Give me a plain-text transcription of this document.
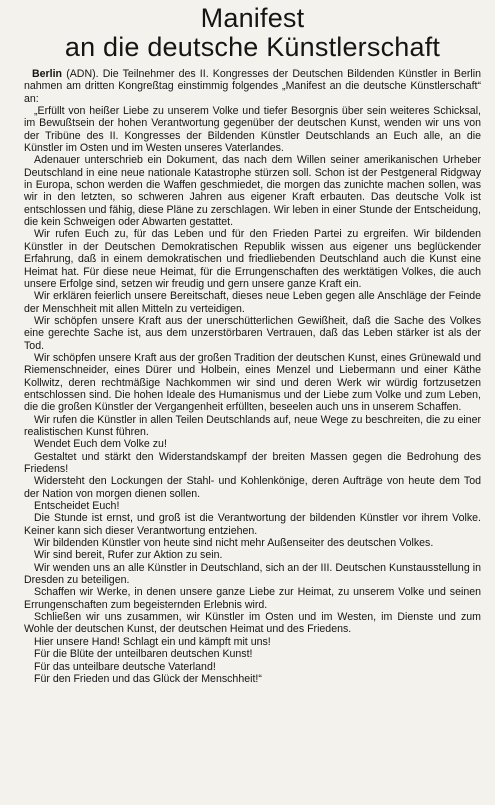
Manifest
an die deutsche Künstlerschaft

Berlin (ADN). Die Teilnehmer des II. Kongresses der Deutschen Bildenden Künstler in Berlin nahmen am dritten Kongreßtag einstimmig folgendes „Manifest an die deutsche Künstlerschaft“ an:

„Erfüllt von heißer Liebe zu unserem Volke und tiefer Besorgnis über sein weiteres Schicksal, im Bewußtsein der hohen Verantwortung gegenüber der deutschen Kunst, wenden wir uns von der Tribüne des II. Kongresses der Bildenden Künstler Deutschlands an Euch alle, an die Künstler im Osten und im Westen unseres Vaterlandes.

Adenauer unterschrieb ein Dokument, das nach dem Willen seiner amerikanischen Urheber Deutschland in eine neue nationale Katastrophe stürzen soll. Schon ist der Pestgeneral Ridgway in Europa, schon werden die Waffen geschmiedet, die morgen das zunichte machen sollen, was wir in den letzten, so schweren Jahren aus eigener Kraft erbauten. Das deutsche Volk ist entschlossen und fähig, diese Pläne zu zerschlagen. Wir leben in einer Stunde der Entscheidung, die kein Schweigen oder Abwarten gestattet.

Wir rufen Euch zu, für das Leben und für den Frieden Partei zu ergreifen. Wir bildenden Künstler in der Deutschen Demokratischen Republik wissen aus eigener uns beglückender Erfahrung, daß in einem demokratischen und friedliebenden Deutschland auch die Kunst eine Heimat hat. Für diese neue Heimat, für die Errungenschaften des werktätigen Volkes, die auch unsere Erfolge sind, setzen wir freudig und gern unsere ganze Kraft ein.

Wir erklären feierlich unsere Bereitschaft, dieses neue Leben gegen alle Anschläge der Feinde der Menschheit mit allen Mitteln zu verteidigen.

Wir schöpfen unsere Kraft aus der unerschütterlichen Gewißheit, daß die Sache des Volkes eine gerechte Sache ist, aus dem unzerstörbaren Vertrauen, daß das Leben stärker ist als der Tod.

Wir schöpfen unsere Kraft aus der großen Tradition der deutschen Kunst, eines Grünewald und Riemenschneider, eines Dürer und Holbein, eines Menzel und Liebermann und einer Käthe Kollwitz, deren rechtmäßige Nachkommen wir sind und deren Werk wir würdig fortzusetzen entschlossen sind. Die hohen Ideale des Humanismus und der Liebe zum Volke und zum Leben, die die großen Künstler der Vergangenheit erfüllten, beseelen auch uns in unserem Schaffen.

Wir rufen die Künstler in allen Teilen Deutschlands auf, neue Wege zu beschreiten, die zu einer realistischen Kunst führen.

Wendet Euch dem Volke zu!

Gestaltet und stärkt den Widerstandskampf der breiten Massen gegen die Bedrohung des Friedens!

Widersteht den Lockungen der Stahl- und Kohlenkönige, deren Aufträge von heute dem Tod der Nation von morgen dienen sollen.

Entscheidet Euch!

Die Stunde ist ernst, und groß ist die Verantwortung der bildenden Künstler vor ihrem Volke. Keiner kann sich dieser Verantwortung entziehen.

Wir bildenden Künstler von heute sind nicht mehr Außenseiter des deutschen Volkes.

Wir sind bereit, Rufer zur Aktion zu sein.

Wir wenden uns an alle Künstler in Deutschland, sich an der III. Deutschen Kunstausstellung in Dresden zu beteiligen.

Schaffen wir Werke, in denen unsere ganze Liebe zur Heimat, zu unserem Volke und seinen Errungenschaften zum begeisternden Erlebnis wird.

Schließen wir uns zusammen, wir Künstler im Osten und im Westen, im Dienste und zum Wohle der deutschen Kunst, der deutschen Heimat und des Friedens.

Hier unsere Hand! Schlagt ein und kämpft mit uns!

Für die Blüte der unteilbaren deutschen Kunst!

Für das unteilbare deutsche Vaterland!

Für den Frieden und das Glück der Menschheit!“
